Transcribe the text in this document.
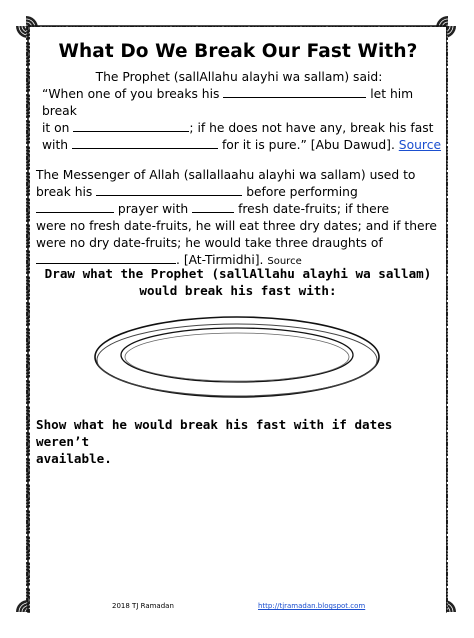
What Do We Break Our Fast With?
The Prophet (sallAllahu alayhi wa sallam) said:
“When one of you breaks his	let him break
it on	; if he does not have any, break his fast
with	for it is pure.” [Abu Dawud]. Source
The Messenger of Allah (sallallaahu alayhi wa sallam) used to
break his	before performing
prayer with	fresh date-fruits; if there
were no fresh date-fruits, he will eat three dry dates; and if there
were no dry date-fruits; he would take three draughts of
. [At-Tirmidhi]. Source
Draw what the Prophet (sallAllahu alayhi wa sallam)
would break his fast with:
Show what he would break his fast with if dates weren’t
available.
2018 TJ Ramadan	http://tjramadan.blogspot.com
